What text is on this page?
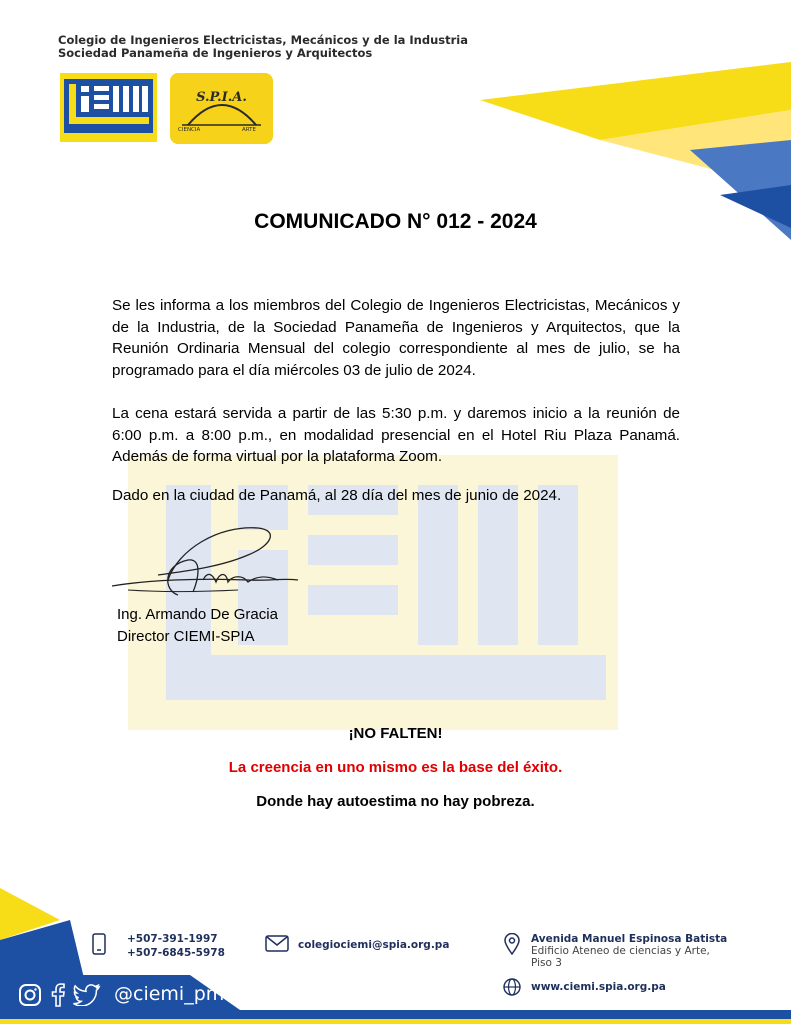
Colegio de Ingenieros Electricistas, Mecánicos y de la Industria
Sociedad Panameña de Ingenieros y Arquitectos
S.P.I.A.
CIENCIA	ARTE
COMUNICADO N° 012 - 2024
Se les informa a los miembros del Colegio de Ingenieros Electricistas, Mecánicos y de la Industria, de la Sociedad Panameña de Ingenieros y Arquitectos, que la Reunión Ordinaria Mensual del colegio correspondiente al mes de julio, se ha programado para el día miércoles 03 de julio de 2024.
La cena estará servida a partir de las 5:30 p.m. y daremos inicio a la reunión de 6:00 p.m. a 8:00 p.m., en modalidad presencial en el Hotel Riu Plaza Panamá. Además de forma virtual por la plataforma Zoom.
Dado en la ciudad de Panamá, al 28 día del mes de junio de 2024.
Ing. Armando De Gracia
Director CIEMI-SPIA
¡NO FALTEN!
La creencia en uno mismo es la base del éxito.
Donde hay autoestima no hay pobreza.
+507-391-1997
+507-6845-5978
colegiociemi@spia.org.pa	Avenida Manuel Espinosa Batista
Edificio Ateneo de ciencias y Arte,
Piso 3
www.ciemi.spia.org.pa
@ciemi_pma
